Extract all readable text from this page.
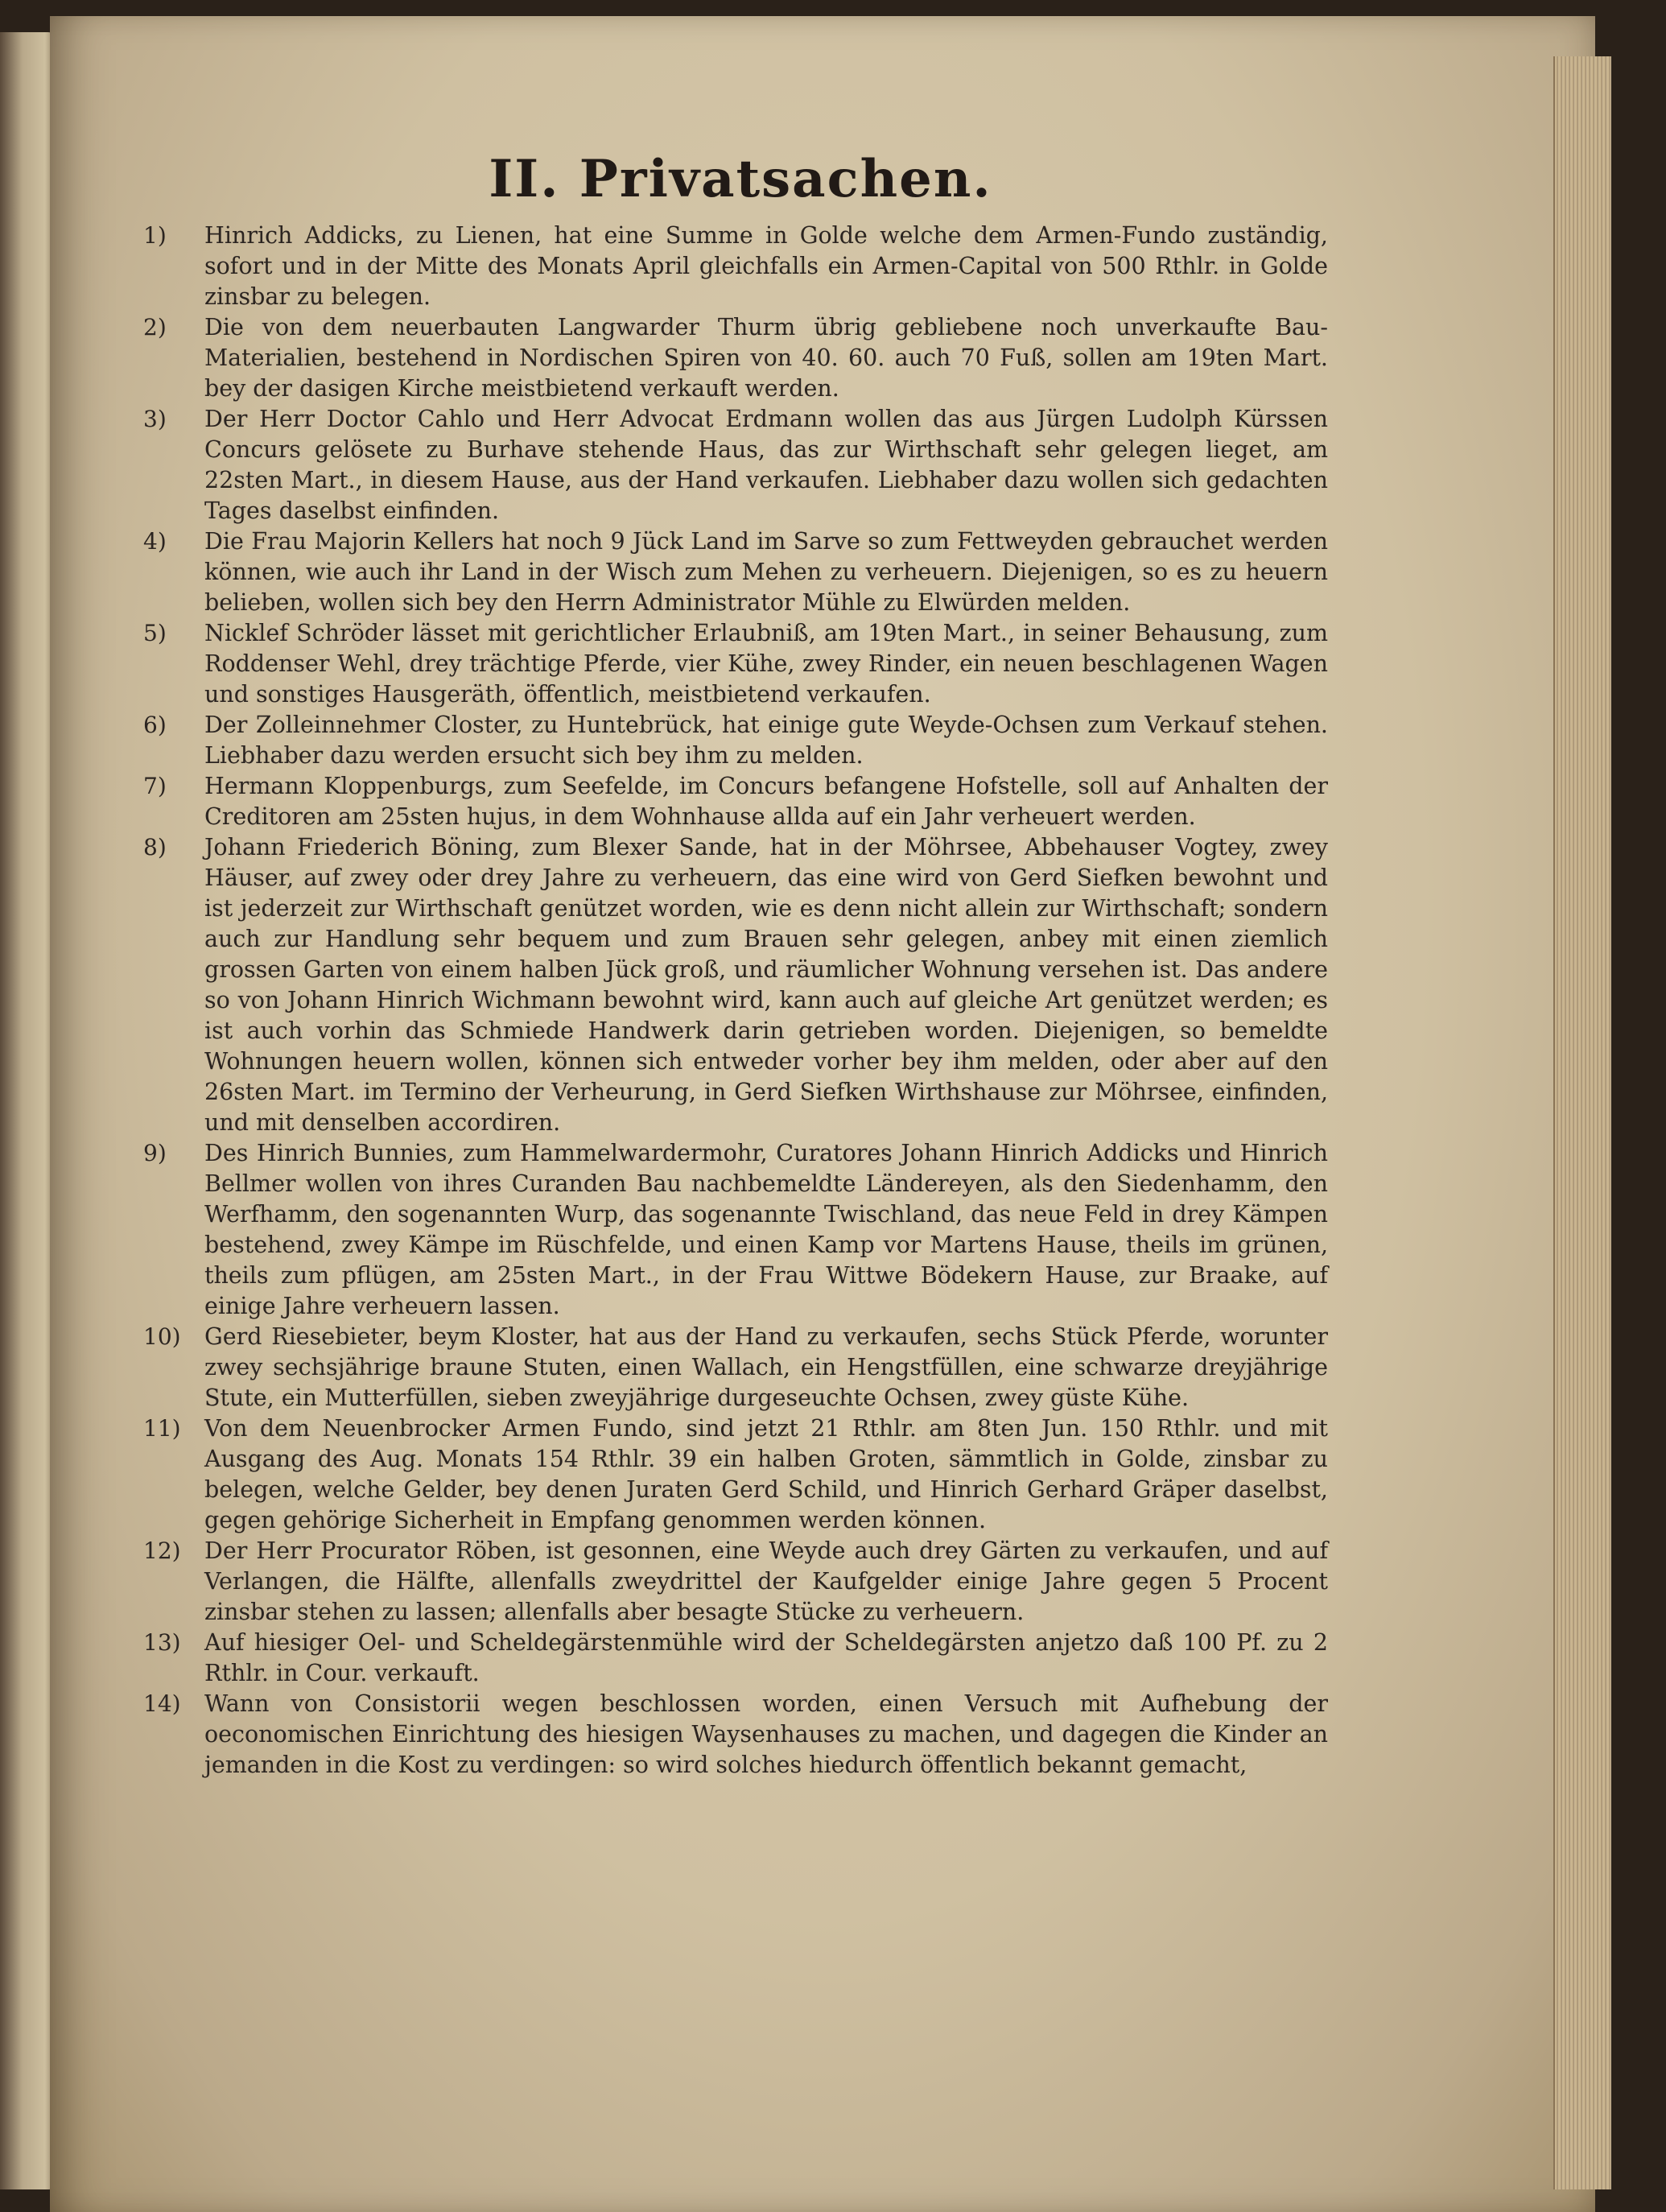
II. Privatsachen.

1)	Hinrich Addicks, zu Lienen, hat eine Summe in Golde welche dem Armen-Fundo zuständig, sofort und in der Mitte des Monats April gleichfalls ein Armen-Capital von 500 Rthlr. in Golde zinsbar zu belegen.

2)	Die von dem neuerbauten Langwarder Thurm übrig gebliebene noch unverkaufte Bau-Materialien, bestehend in Nordischen Spiren von 40. 60. auch 70 Fuß, sollen am 19ten Mart. bey der dasigen Kirche meistbietend verkauft werden.

3)	Der Herr Doctor Cahlo und Herr Advocat Erdmann wollen das aus Jürgen Ludolph Kürssen Concurs gelösete zu Burhave stehende Haus, das zur Wirthschaft sehr gelegen lieget, am 22sten Mart., in diesem Hause, aus der Hand verkaufen. Liebhaber dazu wollen sich gedachten Tages daselbst einfinden.

4)	Die Frau Majorin Kellers hat noch 9 Jück Land im Sarve so zum Fettweyden gebrauchet werden können, wie auch ihr Land in der Wisch zum Mehen zu verheuern. Diejenigen, so es zu heuern belieben, wollen sich bey den Herrn Administrator Mühle zu Elwürden melden.

5)	Nicklef Schröder lässet mit gerichtlicher Erlaubniß, am 19ten Mart., in seiner Behausung, zum Roddenser Wehl, drey trächtige Pferde, vier Kühe, zwey Rinder, ein neuen beschlagenen Wagen und sonstiges Hausgeräth, öffentlich, meistbietend verkaufen.

6)	Der Zolleinnehmer Closter, zu Huntebrück, hat einige gute Weyde-Ochsen zum Verkauf stehen. Liebhaber dazu werden ersucht sich bey ihm zu melden.

7)	Hermann Kloppenburgs, zum Seefelde, im Concurs befangene Hofstelle, soll auf Anhalten der Creditoren am 25sten hujus, in dem Wohnhause allda auf ein Jahr verheuert werden.

8)	Johann Friederich Böning, zum Blexer Sande, hat in der Möhrsee, Abbehauser Vogtey, zwey Häuser, auf zwey oder drey Jahre zu verheuern, das eine wird von Gerd Siefken bewohnt und ist jederzeit zur Wirthschaft genützet worden, wie es denn nicht allein zur Wirthschaft; sondern auch zur Handlung sehr bequem und zum Brauen sehr gelegen, anbey mit einen ziemlich grossen Garten von einem halben Jück groß, und räumlicher Wohnung versehen ist. Das andere so von Johann Hinrich Wichmann bewohnt wird, kann auch auf gleiche Art genützet werden; es ist auch vorhin das Schmiede Handwerk darin getrieben worden. Diejenigen, so bemeldte Wohnungen heuern wollen, können sich entweder vorher bey ihm melden, oder aber auf den 26sten Mart. im Termino der Verheurung, in Gerd Siefken Wirthshause zur Möhrsee, einfinden, und mit denselben accordiren.

9)	Des Hinrich Bunnies, zum Hammelwardermohr, Curatores Johann Hinrich Addicks und Hinrich Bellmer wollen von ihres Curanden Bau nachbemeldte Ländereyen, als den Siedenhamm, den Werfhamm, den sogenannten Wurp, das sogenannte Twischland, das neue Feld in drey Kämpen bestehend, zwey Kämpe im Rüschfelde, und einen Kamp vor Martens Hause, theils im grünen, theils zum pflügen, am 25sten Mart., in der Frau Wittwe Bödekern Hause, zur Braake, auf einige Jahre verheuern lassen.

10)	Gerd Riesebieter, beym Kloster, hat aus der Hand zu verkaufen, sechs Stück Pferde, worunter zwey sechsjährige braune Stuten, einen Wallach, ein Hengstfüllen, eine schwarze dreyjährige Stute, ein Mutterfüllen, sieben zweyjährige durgeseuchte Ochsen, zwey güste Kühe.

11)	Von dem Neuenbrocker Armen Fundo, sind jetzt 21 Rthlr. am 8ten Jun. 150 Rthlr. und mit Ausgang des Aug. Monats 154 Rthlr. 39 ein halben Groten, sämmtlich in Golde, zinsbar zu belegen, welche Gelder, bey denen Juraten Gerd Schild, und Hinrich Gerhard Gräper daselbst, gegen gehörige Sicherheit in Empfang genommen werden können.

12)	Der Herr Procurator Röben, ist gesonnen, eine Weyde auch drey Gärten zu verkaufen, und auf Verlangen, die Hälfte, allenfalls zweydrittel der Kaufgelder einige Jahre gegen 5 Procent zinsbar stehen zu lassen; allenfalls aber besagte Stücke zu verheuern.

13)	Auf hiesiger Oel- und Scheldegärstenmühle wird der Scheldegärsten anjetzo daß 100 Pf. zu 2 Rthlr. in Cour. verkauft.

14)	Wann von Consistorii wegen beschlossen worden, einen Versuch mit Aufhebung der oeconomischen Einrichtung des hiesigen Waysenhauses zu machen, und dagegen die Kinder an jemanden in die Kost zu verdingen: so wird solches hiedurch öffentlich bekannt gemacht,
